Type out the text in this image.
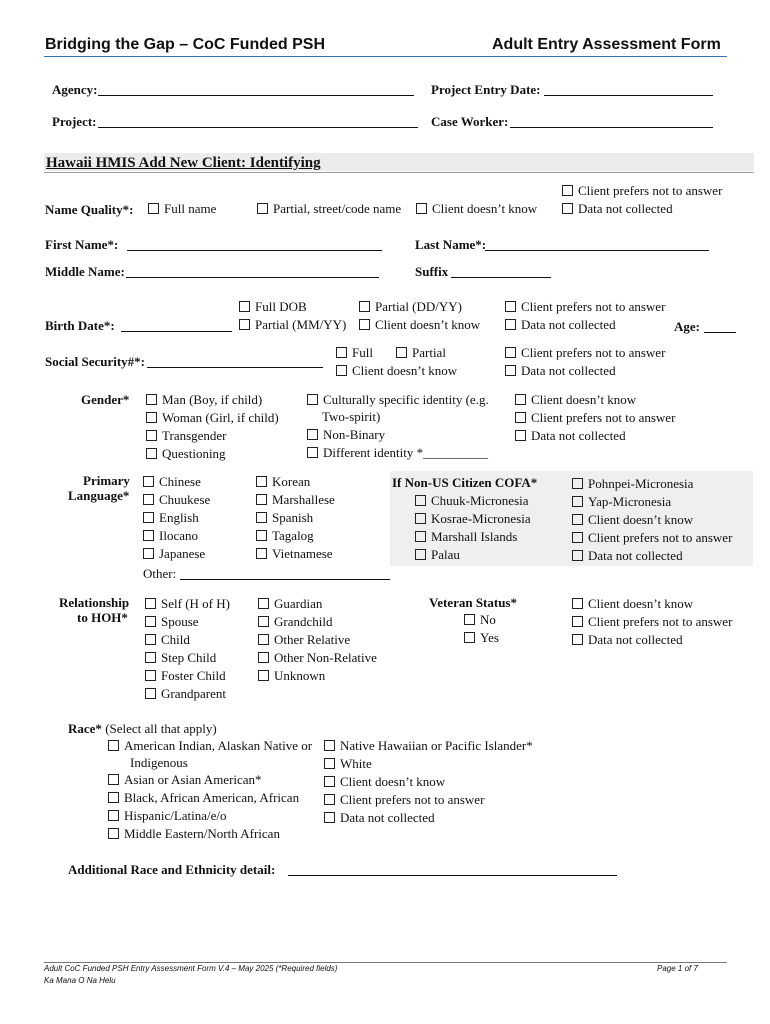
Bridging the Gap – CoC Funded PSH	Adult Entry Assessment Form
Agency:	Project Entry Date:
Project:	Case Worker:
Hawaii HMIS Add New Client: Identifying
Name Quality*:	Full name	Partial, street/code name	Client doesn’t know
Client prefers not to answer
Data not collected
First Name*:	Last Name*:
Middle Name:	Suffix
Birth Date*:
Full DOB	Partial (DD/YY)
Partial (MM/YY)	Client doesn’t know
Client prefers not to answer
Data not collected	Age:
Social Security#*:
Full	Partial
Client doesn’t know
Client prefers not to answer
Data not collected
Gender*	Man (Boy, if child)
Woman (Girl, if child)
Transgender
Questioning
Culturally specific identity (e.g.
Two-spirit)
Non-Binary
Different identity *__________
Client doesn’t know
Client prefers not to answer
Data not collected
Primary
Language*
Chinese
Chuukese
English
Ilocano
Japanese
Korean
Marshallese
Spanish
Tagalog
Vietnamese
Other:
If Non-US Citizen COFA*
Chuuk-Micronesia
Kosrae-Micronesia
Marshall Islands
Palau
Pohnpei-Micronesia
Yap-Micronesia
Client doesn’t know
Client prefers not to answer
Data not collected
Relationship
to HOH*
Self (H of H)
Spouse
Child
Step Child
Foster Child
Grandparent
Guardian
Grandchild
Other Relative
Other Non-Relative
Unknown
Veteran Status*
No
Yes
Client doesn’t know
Client prefers not to answer
Data not collected
Race* (Select all that apply)
American Indian, Alaskan Native or
Indigenous
Asian or Asian American*
Black, African American, African
Hispanic/Latina/e/o
Middle Eastern/North African
Native Hawaiian or Pacific Islander*
White
Client doesn’t know
Client prefers not to answer
Data not collected
Additional Race and Ethnicity detail:
Adult CoC Funded PSH Entry Assessment Form V.4 – May 2025 (*Required fields)
Ka Mana O Na Helu
Page 1 of 7
